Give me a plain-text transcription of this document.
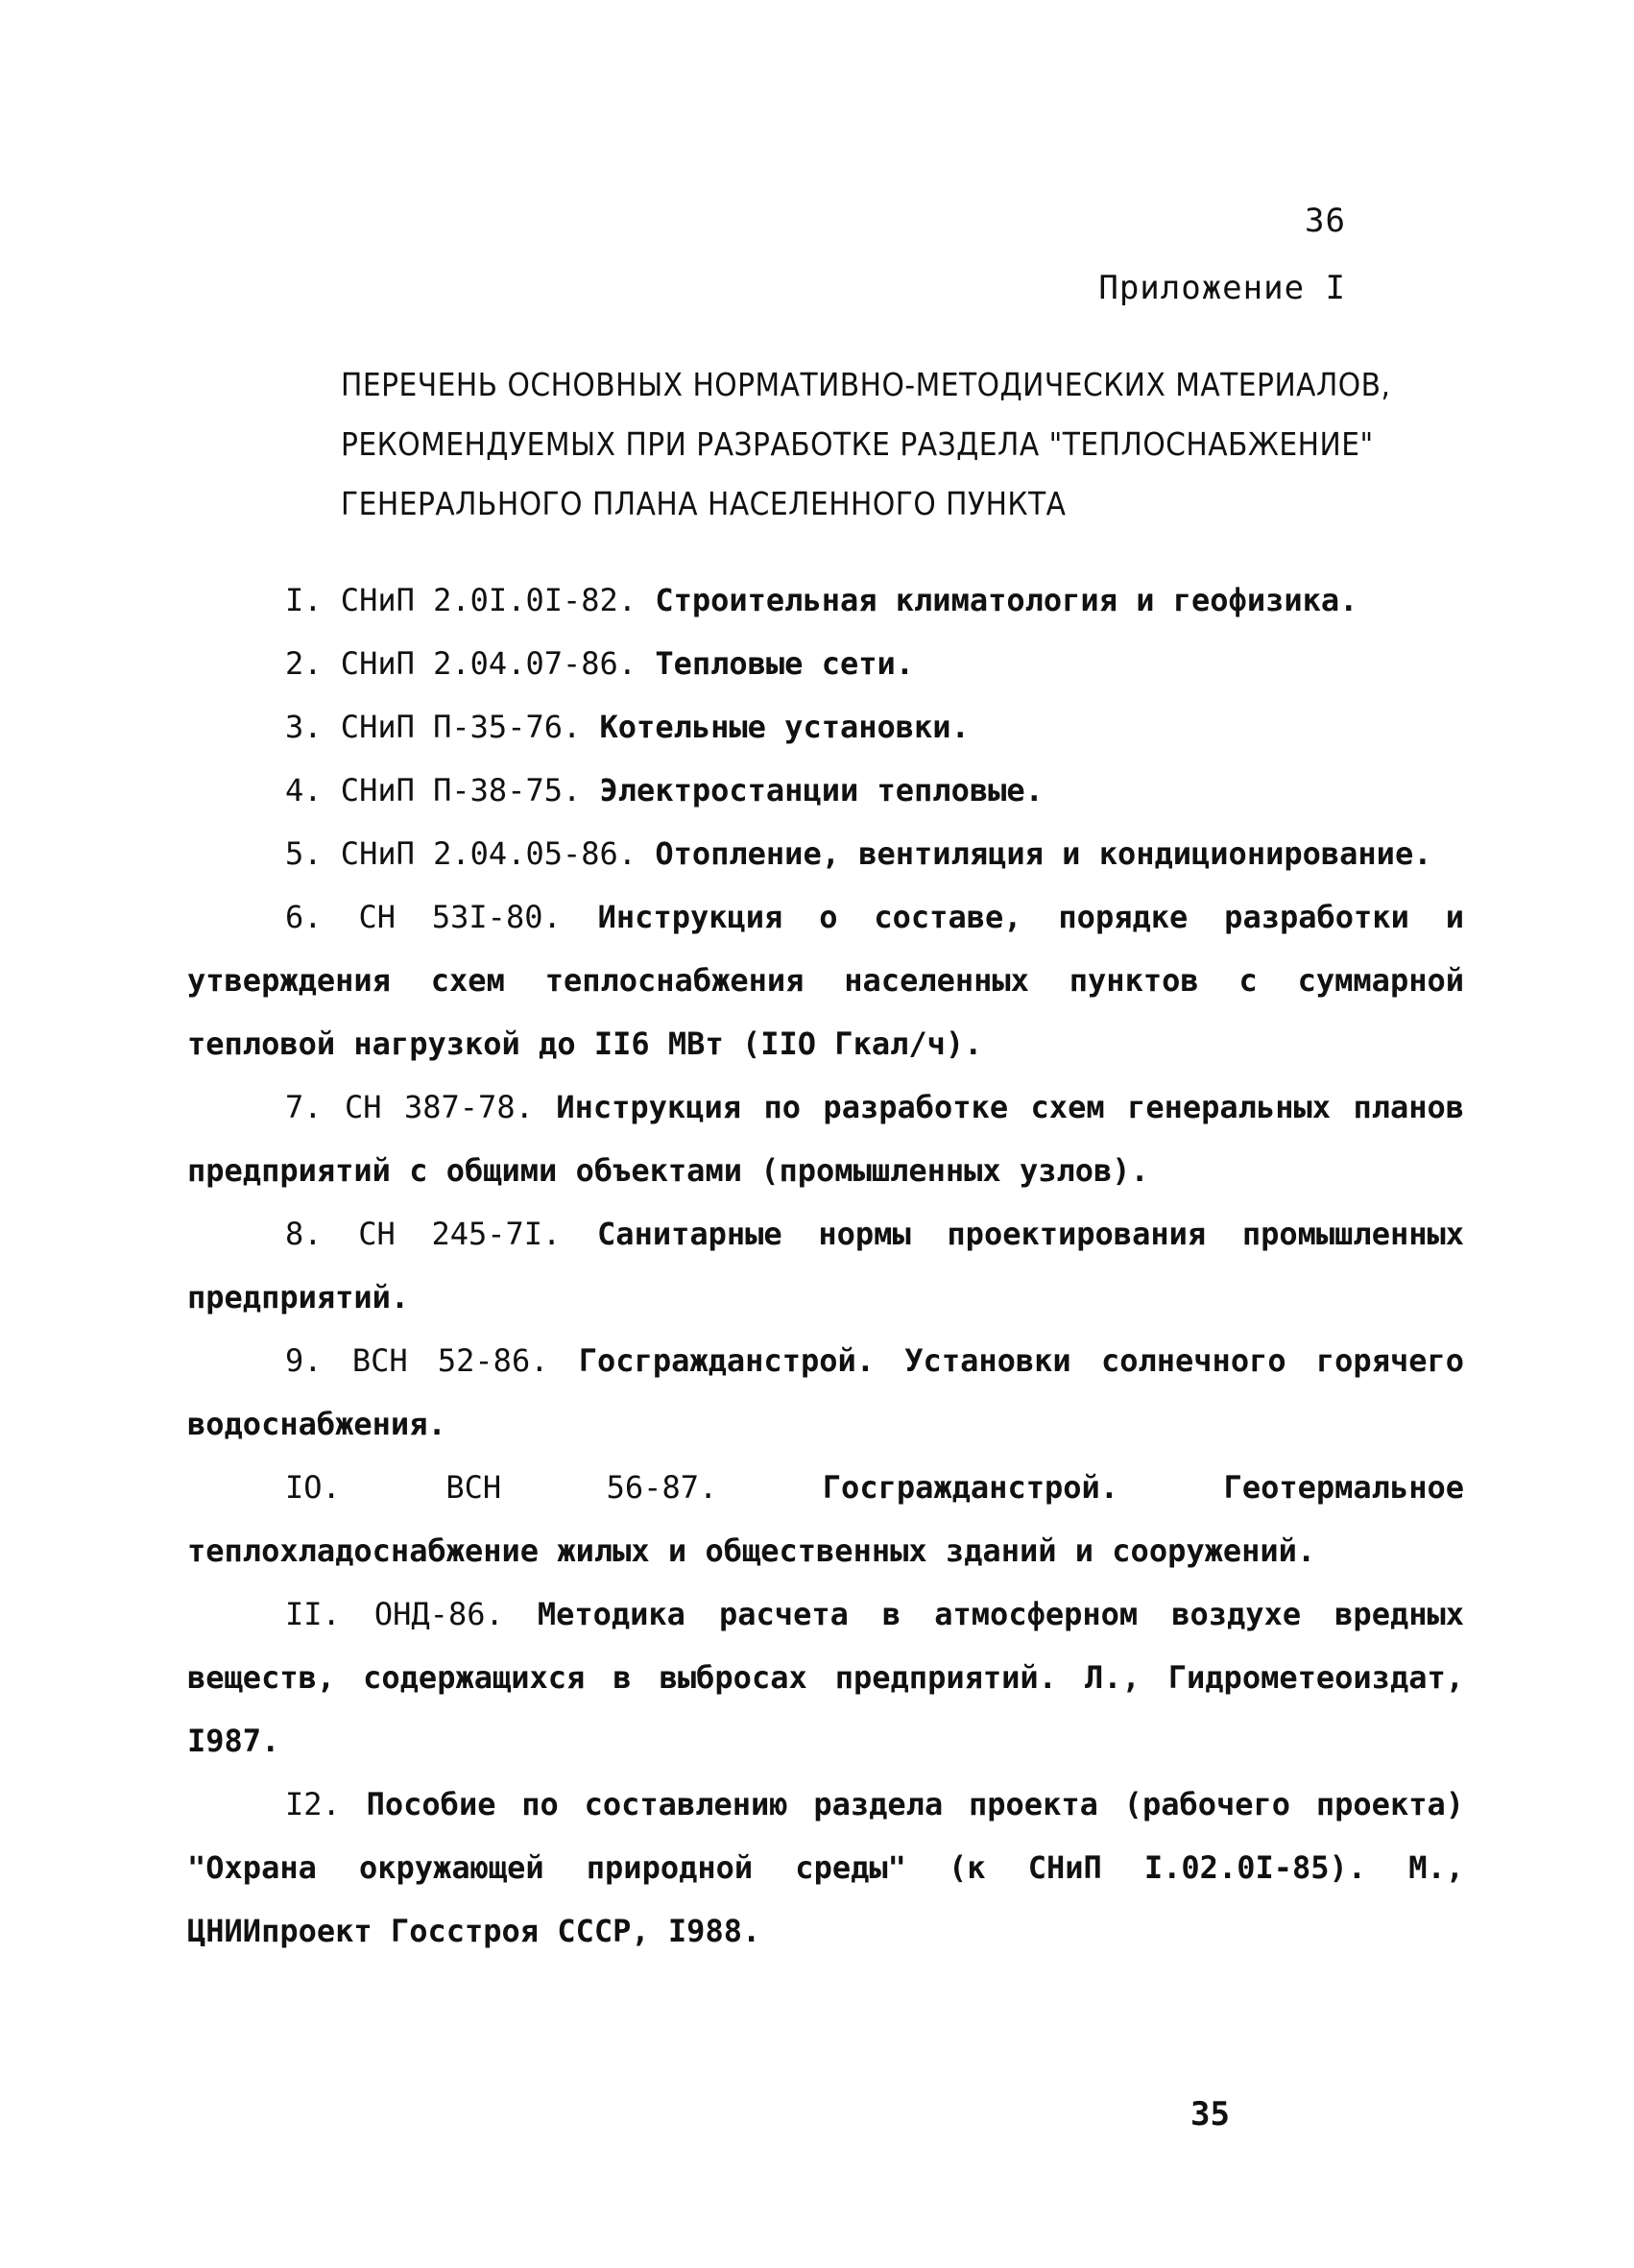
36
Приложение I
ПЕРЕЧЕНЬ ОСНОВНЫХ НОРМАТИВНО-МЕТОДИЧЕСКИХ МАТЕРИАЛОВ,
РЕКОМЕНДУЕМЫХ ПРИ РАЗРАБОТКЕ РАЗДЕЛА "ТЕПЛОСНАБЖЕНИЕ"
ГЕНЕРАЛЬНОГО ПЛАНА НАСЕЛЕННОГО ПУНКТА

I. СНиП 2.0I.0I-82. Строительная климатология и геофизика.

2. СНиП 2.04.07-86. Тепловые сети.

3. СНиП П-35-76. Котельные установки.

4. СНиП П-38-75. Электростанции тепловые.

5. СНиП 2.04.05-86. Отопление, вентиляция и кондиционирование.

6. СН 53I-80. Инструкция о составе, порядке разработки и утверждения схем теплоснабжения населенных пунктов с суммарной тепловой нагрузкой до II6 МВт (IIO Гкал/ч).

7. СН 387-78. Инструкция по разработке схем генеральных планов предприятий с общими объектами (промышленных узлов).

8. СН 245-7I. Санитарные нормы проектирования промышленных предприятий.

9. ВСН 52-86. Госгражданстрой. Установки солнечного горячего водоснабжения.

IO.	ВСН 56-87.	Госгражданстрой. Геотермальное теплохладоснабжение жилых и общественных зданий и сооружений.

II. ОНД-86. Методика расчета в атмосферном воздухе вредных веществ, содержащихся в выбросах предприятий. Л., Гидрометеоиздат, I987.

I2. Пособие по составлению раздела проекта (рабочего проекта) "Охрана окружающей природной среды" (к СНиП I.02.0I-85). М., ЦНИИпроект Госстроя СССР, I988.

35
